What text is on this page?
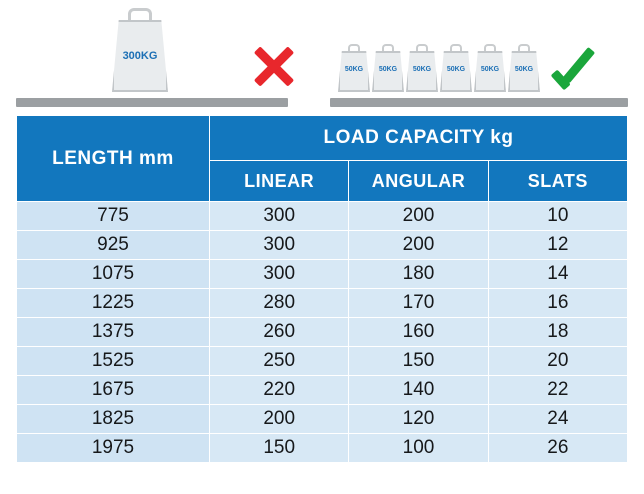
300KG
50KG	50KG	50KG	50KG	50KG	50KG
LENGTH mm	LOAD CAPACITY kg		
	LINEAR	ANGULAR	SLATS
775	300	200	10
925	300	200	12
1075	300	180	14
1225	280	170	16
1375	260	160	18
1525	250	150	20
1675	220	140	22
1825	200	120	24
1975	150	100	26
